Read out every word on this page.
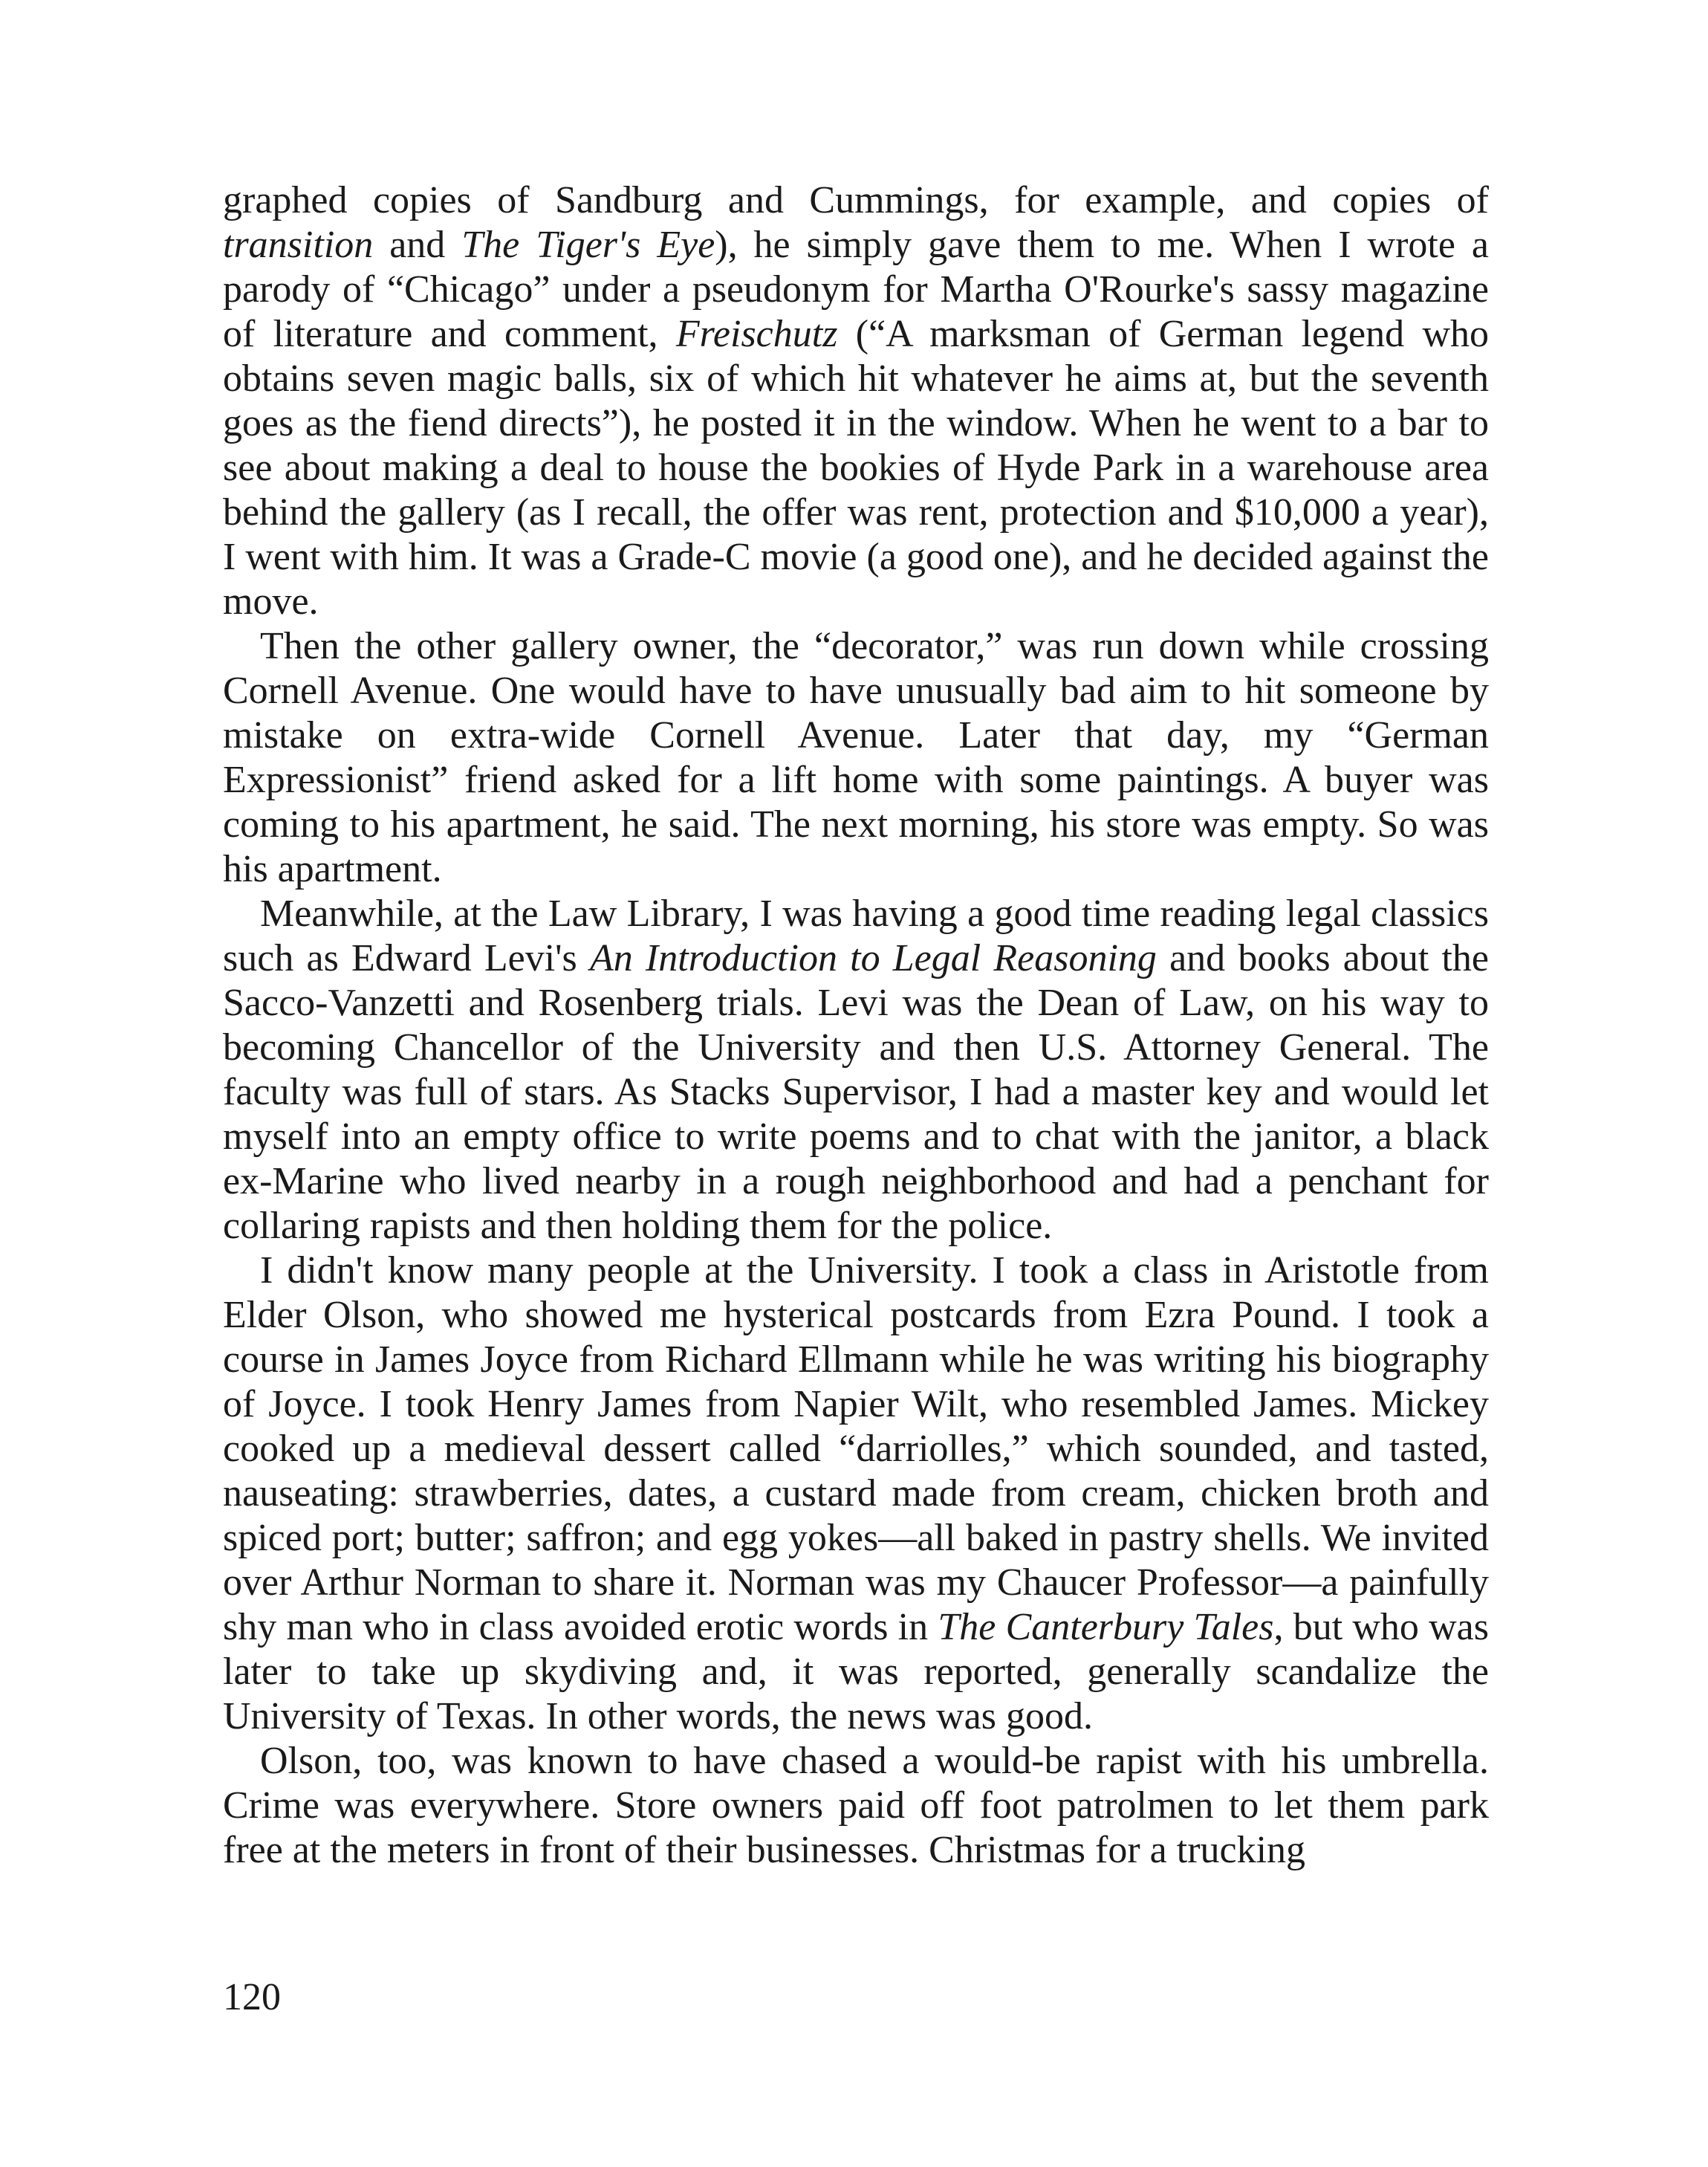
graphed copies of Sandburg and Cummings, for example, and copies of transition and The Tiger's Eye), he simply gave them to me. When I wrote a parody of “Chicago” under a pseudonym for Martha O'Rourke's sassy magazine of literature and comment, Freischutz (“A marksman of German legend who obtains seven magic balls, six of which hit whatever he aims at, but the seventh goes as the fiend directs”), he posted it in the window. When he went to a bar to see about making a deal to house the bookies of Hyde Park in a warehouse area behind the gallery (as I recall, the offer was rent, protection and $10,000 a year), I went with him. It was a Grade-C movie (a good one), and he decided against the move.

Then the other gallery owner, the “decorator,” was run down while crossing Cornell Avenue. One would have to have unusually bad aim to hit someone by mistake on extra-wide Cornell Avenue. Later that day, my “German Expressionist” friend asked for a lift home with some paintings. A buyer was coming to his apartment, he said. The next morning, his store was empty. So was his apartment.

Meanwhile, at the Law Library, I was having a good time reading legal classics such as Edward Levi's An Introduction to Legal Reasoning and books about the Sacco-Vanzetti and Rosenberg trials. Levi was the Dean of Law, on his way to becoming Chancellor of the University and then U.S. Attorney General. The faculty was full of stars. As Stacks Supervisor, I had a master key and would let myself into an empty office to write poems and to chat with the janitor, a black ex-Marine who lived nearby in a rough neighborhood and had a penchant for collaring rapists and then holding them for the police.

I didn't know many people at the University. I took a class in Aristotle from Elder Olson, who showed me hysterical postcards from Ezra Pound. I took a course in James Joyce from Richard Ellmann while he was writing his biography of Joyce. I took Henry James from Napier Wilt, who resembled James. Mickey cooked up a medieval dessert called “darriolles,” which sounded, and tasted, nauseating: strawberries, dates, a custard made from cream, chicken broth and spiced port; butter; saffron; and egg yokes—all baked in pastry shells. We invited over Arthur Norman to share it. Norman was my Chaucer Professor—a painfully shy man who in class avoided erotic words in The Canterbury Tales, but who was later to take up skydiving and, it was reported, generally scandalize the University of Texas. In other words, the news was good.

Olson, too, was known to have chased a would-be rapist with his umbrella. Crime was everywhere. Store owners paid off foot patrolmen to let them park free at the meters in front of their businesses. Christmas for a trucking

120
